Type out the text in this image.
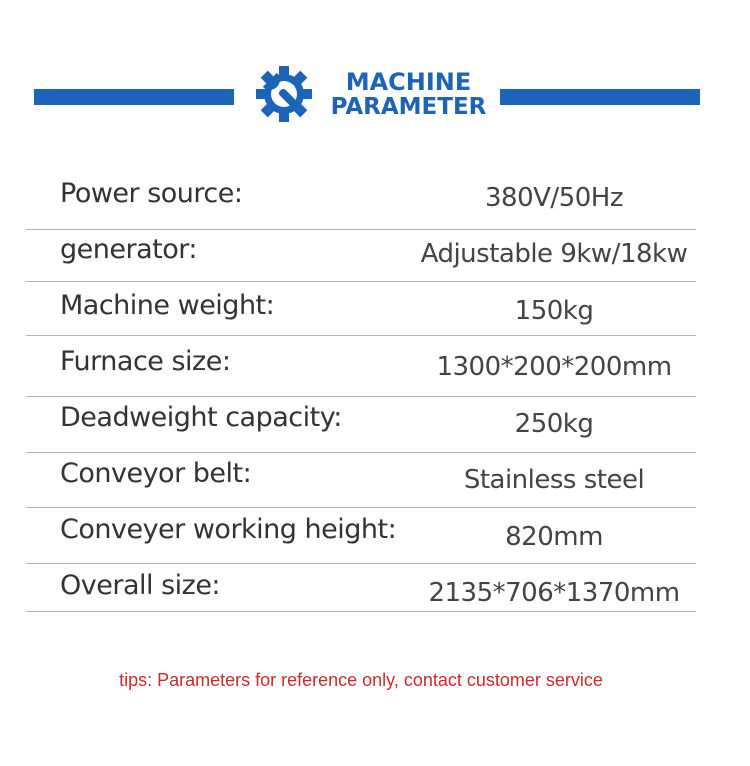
MACHINE
PARAMETER
Power source:	380V/50Hz
generator:	Adjustable 9kw/18kw
Machine weight:	150kg
Furnace size:	1300*200*200mm
Deadweight capacity:	250kg
Conveyor belt:	Stainless steel
Conveyer working height:	820mm
Overall size:	2135*706*1370mm
tips: Parameters for reference only, contact customer service
